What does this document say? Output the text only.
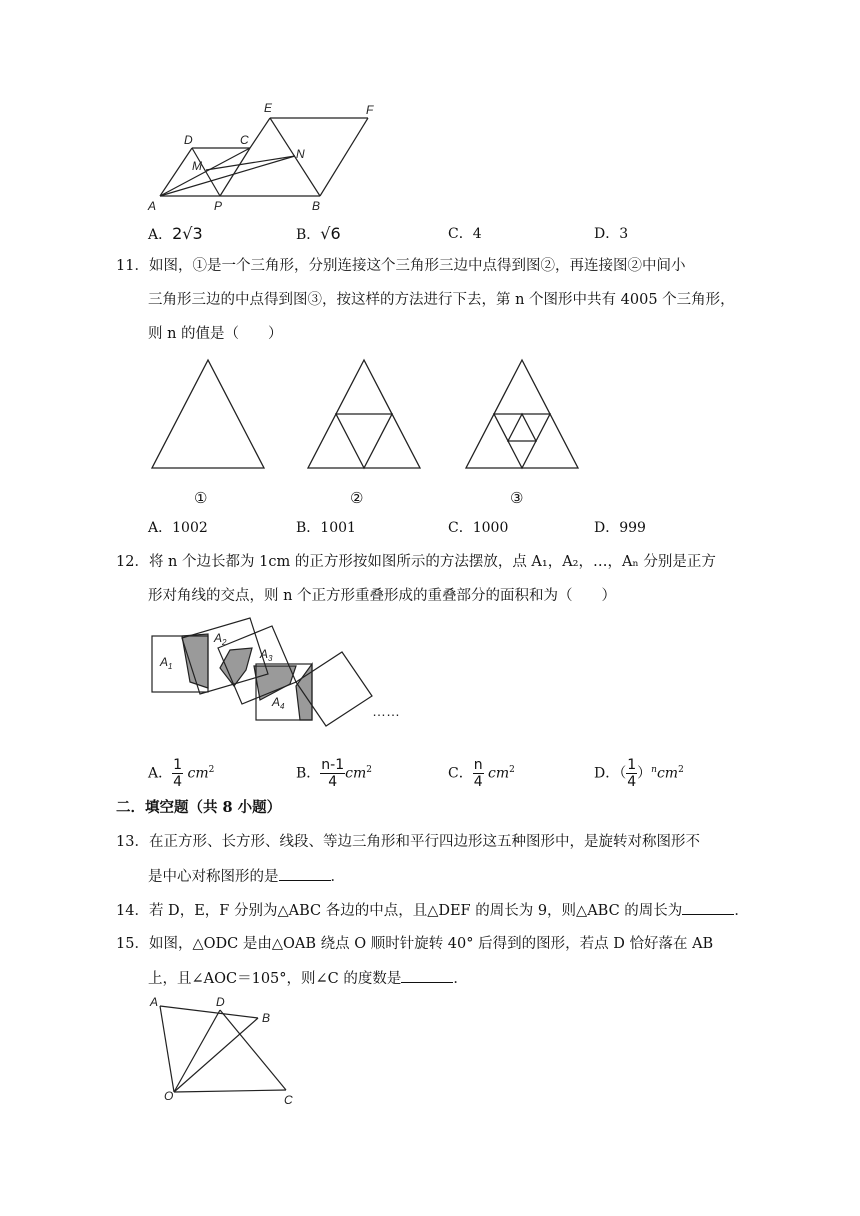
A	P	B
D	C
E	F
M
N
A．2√3	B．√6	C．4	D．3
11．如图，①是一个三角形，分别连接这个三角形三边中点得到图②，再连接图②中间小
三角形三边的中点得到图③，按这样的方法进行下去，第 n 个图形中共有 4005 个三角形，
则 n 的值是（　　）
①	②	③
A．1002	B．1001	C．1000	D．999
12．将 n 个边长都为 1cm 的正方形按如图所示的方法摆放，点 A₁，A₂，…，Aₙ 分别是正方
形对角线的交点，则 n 个正方形重叠形成的重叠部分的面积和为（　　）
$A_1$
$A_2$
$A_3$
$A_4$	……
A． $\frac{1}{4} cm^2$	B． $\frac{n-1}{4} cm^2$	C． $\frac{n}{4} cm^2$	D．（ $\frac{1}{4} )^ncm^2$
二．填空题（共 8 小题）
13．在正方形、长方形、线段、等边三角形和平行四边形这五种图形中，是旋转对称图形不
是中心对称图形的是	．
14．若 D，E，F 分别为△ABC 各边的中点，且△DEF 的周长为 9，则△ABC 的周长为	．
15．如图，△ODC 是由△OAB 绕点 O 顺时针旋转 40° 后得到的图形，若点 D 恰好落在 AB
上，且∠AOC＝105°，则∠C 的度数是	．
A	D
B
O	C
